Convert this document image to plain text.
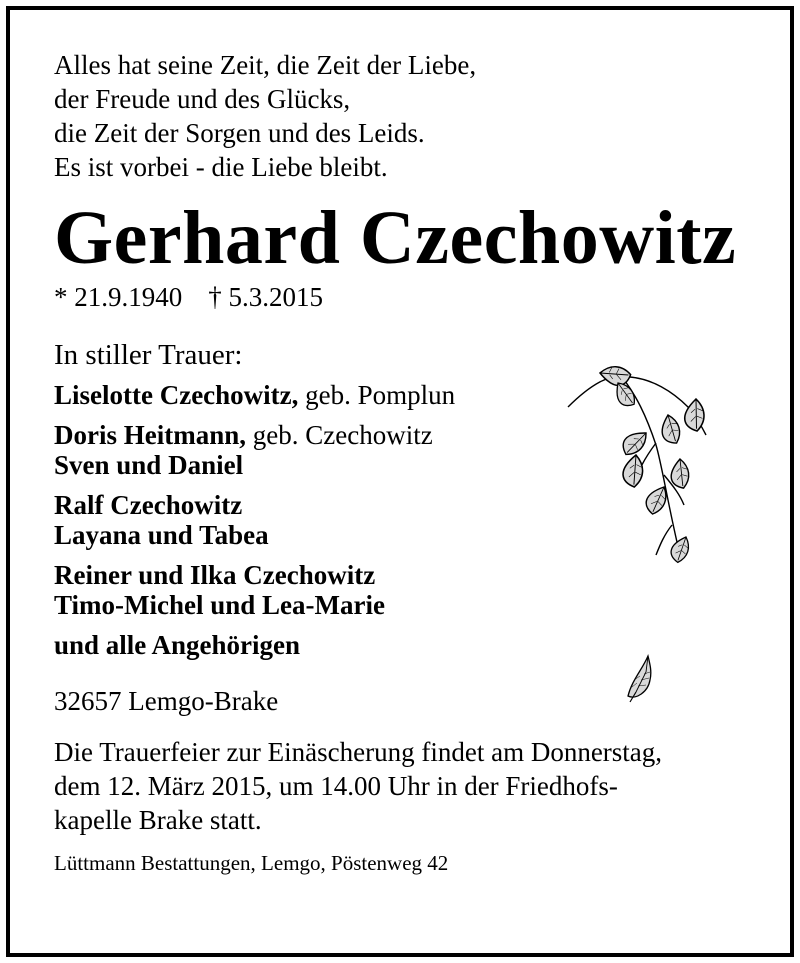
Alles hat seine Zeit, die Zeit der Liebe,
der Freude und des Glücks,
die Zeit der Sorgen und des Leids.
Es ist vorbei - die Liebe bleibt.
Gerhard Czechowitz
* 21.9.1940 † 5.3.2015
In stiller Trauer:
Liselotte Czechowitz, geb. Pomplun
Doris Heitmann, geb. Czechowitz
Sven und Daniel
Ralf Czechowitz
Layana und Tabea
Reiner und Ilka Czechowitz
Timo-Michel und Lea-Marie
und alle Angehörigen
32657 Lemgo-Brake
Die Trauerfeier zur Einäscherung findet am Donnerstag,
dem 12. März 2015, um 14.00 Uhr in der Friedhofs-
kapelle Brake statt.
Lüttmann Bestattungen, Lemgo, Pöstenweg 42
